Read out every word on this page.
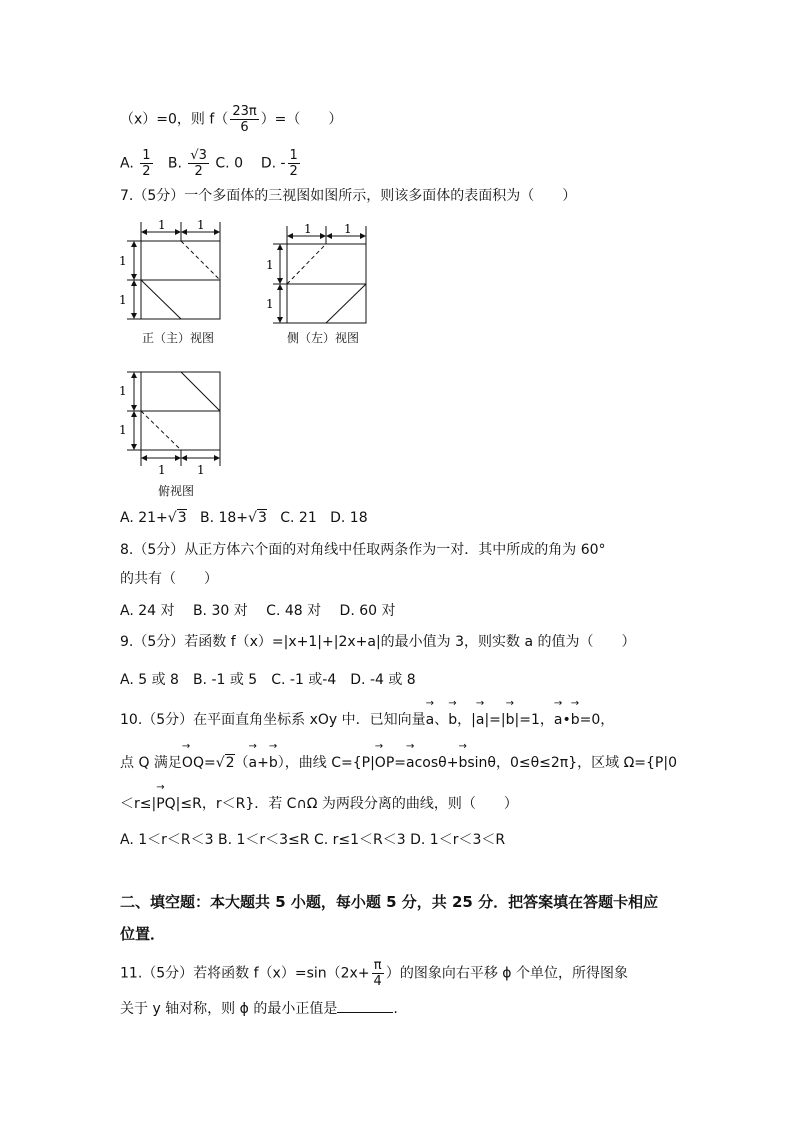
（x）=0，则 $f( \frac{23\pi}{6}$ ）=（　　）
A. $\frac{1}{2} B$. $\frac{√3}{2} C$. 0 D. - $\frac{1}{2}$
7.（5分）一个多面体的三视图如图所示，则该多面体的表面积为（　　）
1	1
1
1
正（主）视图
1	1
1
1
侧（左）视图
1
1
1	1
俯视图
A. 21+√3 B. 18+√3 C. 21 D. 18
8.（5分）从正方体六个面的对角线中任取两条作为一对．其中所成的角为 60°
的共有（　　）
A. 24 对　 B. 30 对　 C. 48 对　 D. 60 对
9.（5分）若函数 f（x）=|x+1|+|2x+a|的最小值为 3，则实数 a 的值为（　　）
A. 5 或 8　B. -1 或 5　C. -1 或-4　D. -4 或 8
10.（5分）在平面直角坐标系 xOy 中．已知向量→ a、→ b，|→ a|=|→ b|=1，→ a•→ b=0，
点 Q 满足→ OQ=√2（→ a+→ b），曲线 C={P|→ OP=→ acosθ+→ bsinθ，0≤θ≤2π}，区域 Ω={P|0
＜r≤|→ PQ|≤R，r＜R}．若 C∩Ω 为两段分离的曲线，则（　　）
A. 1＜r＜R＜3 B. 1＜r＜3≤R C. r≤1＜R＜3 D. 1＜r＜3＜R
二、填空题：本大题共 5 小题，每小题 5 分，共 25 分．把答案填在答题卡相应
位置．
11.（5分）若将函数 $f(x)=\sin(2x+ \frac{\pi}{4}$ ）的图象向右平移 ϕ 个单位，所得图象
关于 y 轴对称，则 ϕ 的最小正值是	.
